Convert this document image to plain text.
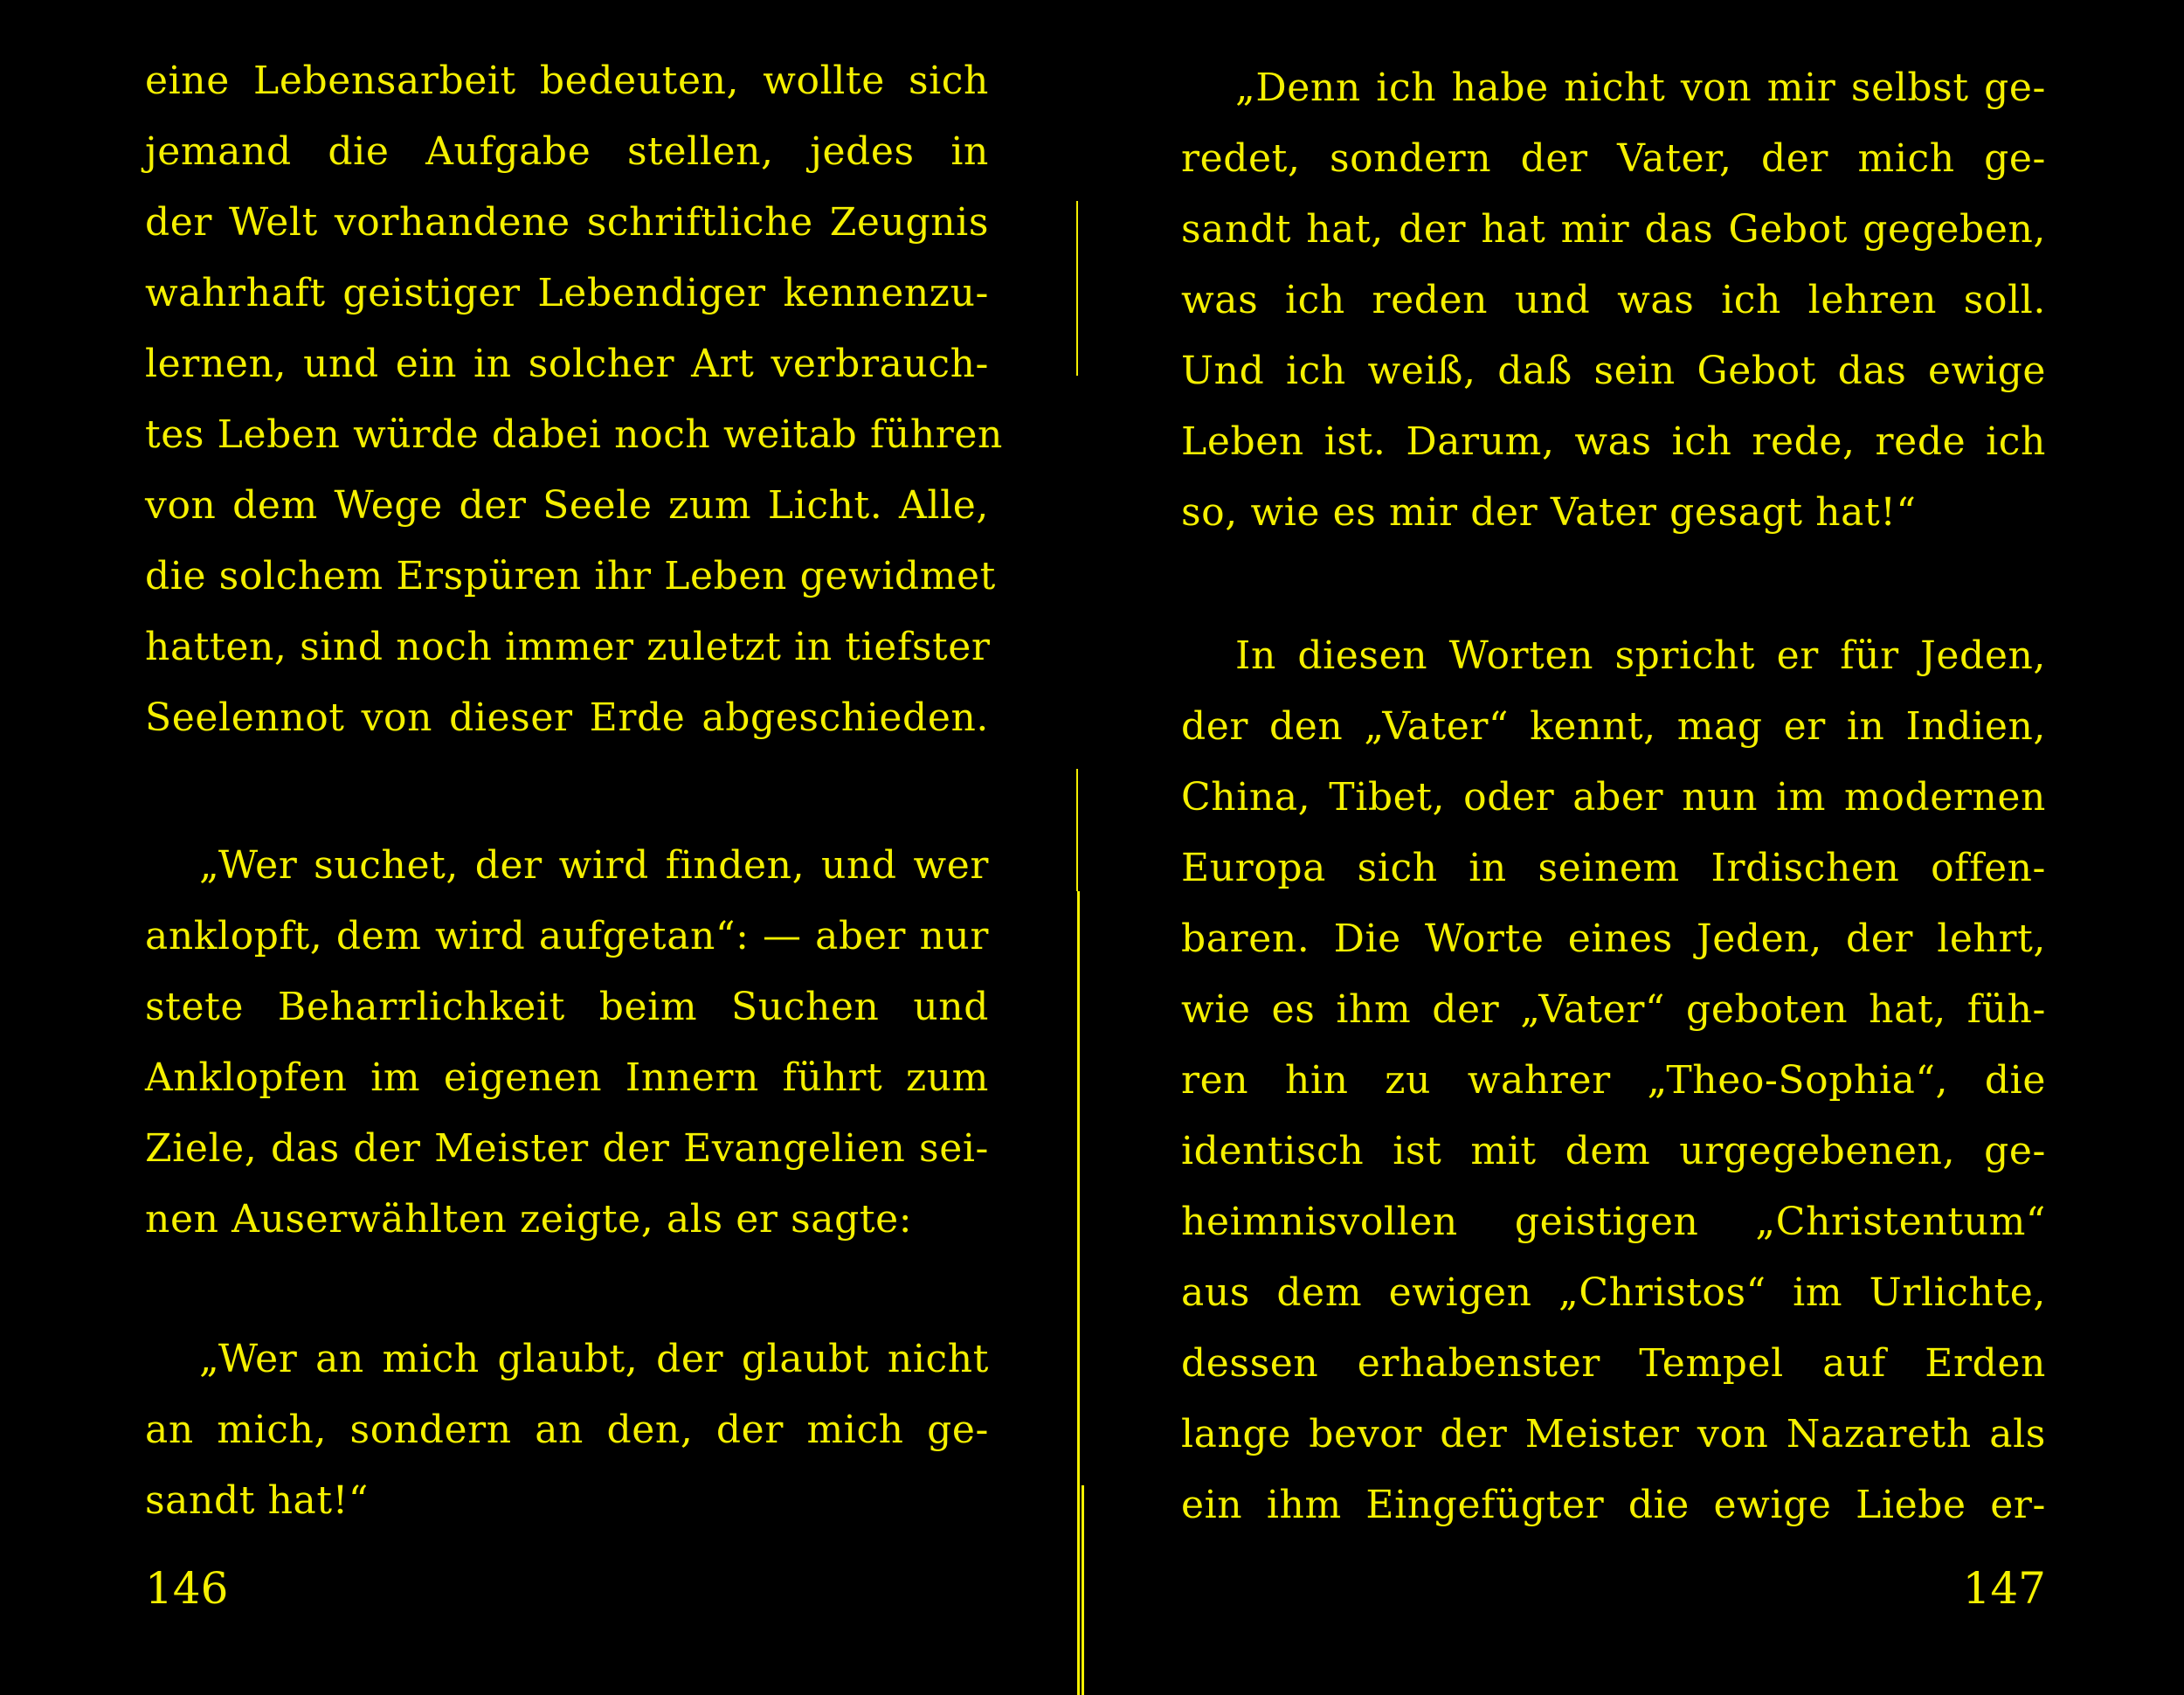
eine Lebensarbeit bedeuten, wollte sich
jemand die Aufgabe stellen, jedes in
der Welt vorhandene schriftliche Zeugnis
wahrhaft geistiger Lebendiger kennenzu-
lernen, und ein in solcher Art verbrauch-
tes Leben würde dabei noch weitab führen
von dem Wege der Seele zum Licht. Alle,
die solchem Erspüren ihr Leben gewidmet
hatten, sind noch immer zuletzt in tiefster
Seelennot von dieser Erde abgeschieden.
„Wer suchet, der wird finden, und wer
anklopft, dem wird aufgetan“: — aber nur
stete Beharrlichkeit beim Suchen und
Anklopfen im eigenen Innern führt zum
Ziele, das der Meister der Evangelien sei-
nen Auserwählten zeigte, als er sagte:
„Wer an mich glaubt, der glaubt nicht
an mich, sondern an den, der mich ge-
sandt hat!“
146
„Denn ich habe nicht von mir selbst ge-
redet, sondern der Vater, der mich ge-
sandt hat, der hat mir das Gebot gegeben,
was ich reden und was ich lehren soll.
Und ich weiß, daß sein Gebot das ewige
Leben ist. Darum, was ich rede, rede ich
so, wie es mir der Vater gesagt hat!“
In diesen Worten spricht er für Jeden,
der den „Vater“ kennt, mag er in Indien,
China, Tibet, oder aber nun im modernen
Europa sich in seinem Irdischen offen-
baren. Die Worte eines Jeden, der lehrt,
wie es ihm der „Vater“ geboten hat, füh-
ren hin zu wahrer „Theo-Sophia“, die
identisch ist mit dem urgegebenen, ge-
heimnisvollen geistigen „Christentum“
aus dem ewigen „Christos“ im Urlichte,
dessen erhabenster Tempel auf Erden
lange bevor der Meister von Nazareth als
ein ihm Eingefügter die ewige Liebe er-
147
